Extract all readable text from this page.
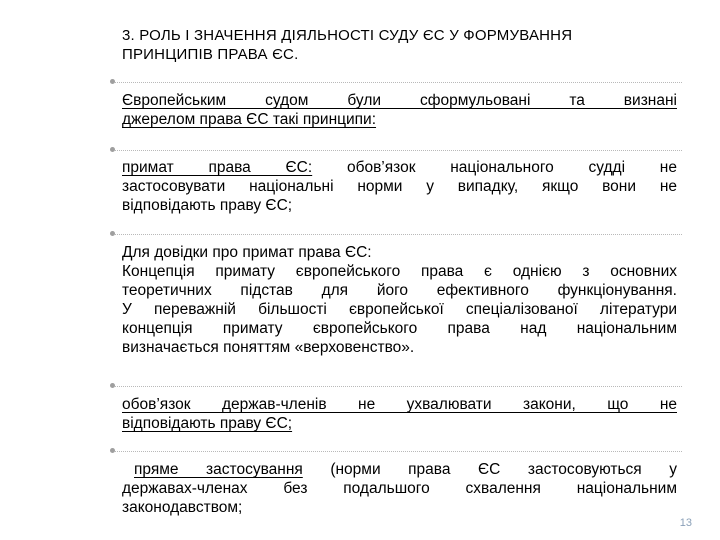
3. РОЛЬ І ЗНАЧЕННЯ ДІЯЛЬНОСТІ СУДУ ЄС У ФОРМУВАННЯ
ПРИНЦИПІВ ПРАВА ЄС.
Європейським судом були сформульовані та визнані
джерелом права ЄС такі принципи:
примат права ЄС: обов’язок національного судді не
застосовувати національні норми у випадку, якщо вони не
відповідають праву ЄС;
Для довідки про примат права ЄС:
Концепція примату європейського права є однією з основних
теоретичних підстав для його ефективного функціонування.
У переважній більшості європейської спеціалізованої літератури
концепція примату європейського права над національним
визначається поняттям «верховенство».
обов’язок держав-членів не ухвалювати закони, що не
відповідають праву ЄС;
пряме застосування (норми права ЄС застосовуються у
державах-членах без подальшого схвалення національним
законодавством;
13
